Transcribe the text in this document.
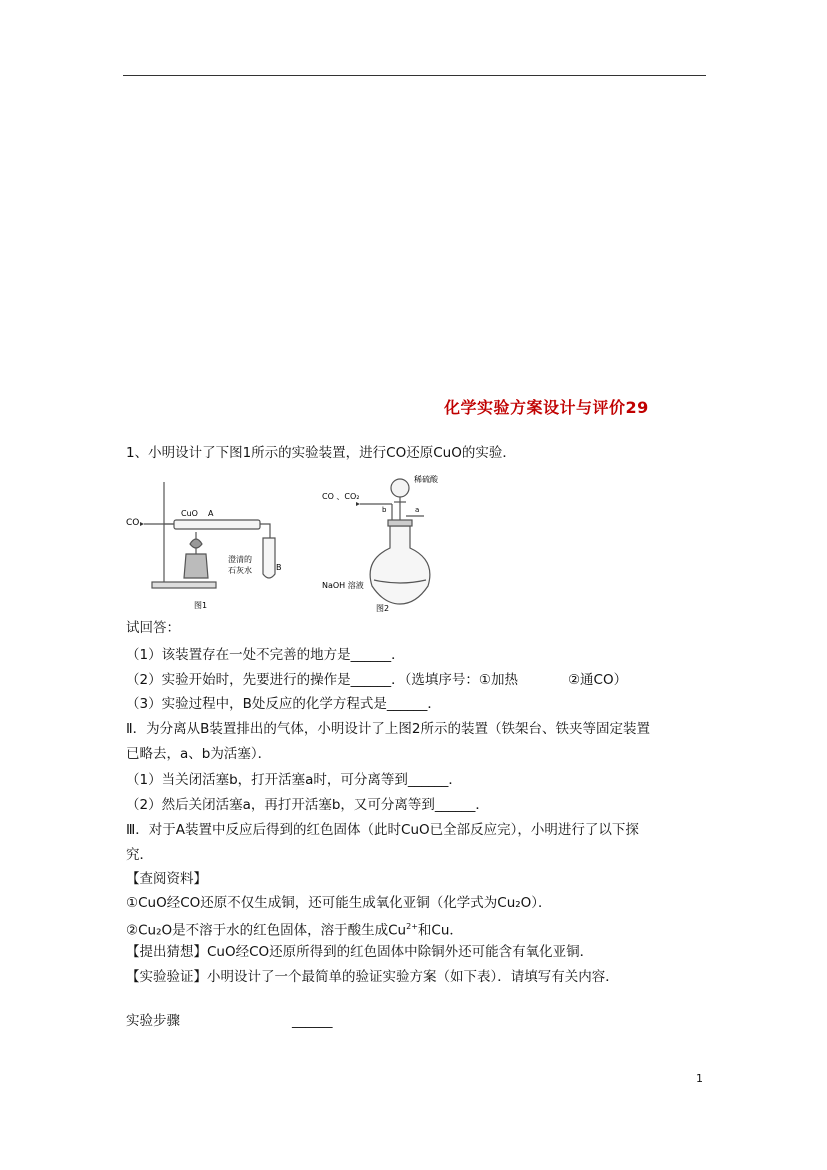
化学实验方案设计与评价29
1、小明设计了下图1所示的实验装置，进行CO还原CuO的实验．
CO
CuO A
B
澄清的
石灰水
图1
CO 、CO₂
稀硫酸
b	a
NaOH 溶液
图2
试回答：
（1）该装置存在一处不完善的地方是______．
（2）实验开始时，先要进行的操作是______．（选填序号：①加热	②通CO）
（3）实验过程中，B处反应的化学方程式是______．
Ⅱ．为分离从B装置排出的气体，小明设计了上图2所示的装置（铁架台、铁夹等固定装置
已略去，a、b为活塞）．
（1）当关闭活塞b，打开活塞a时，可分离等到______．
（2）然后关闭活塞a，再打开活塞b，又可分离等到______．
Ⅲ．对于A装置中反应后得到的红色固体（此时CuO已全部反应完），小明进行了以下探
究．
【查阅资料】
①CuO经CO还原不仅生成铜，还可能生成氧化亚铜（化学式为Cu₂O）．
②Cu₂O是不溶于水的红色固体，溶于酸生成$Cu^{2+}$和Cu．
【提出猜想】CuO经CO还原所得到的红色固体中除铜外还可能含有氧化亚铜．
【实验验证】小明设计了一个最简单的验证实验方案（如下表）．请填写有关内容．
实验步骤	______
1
